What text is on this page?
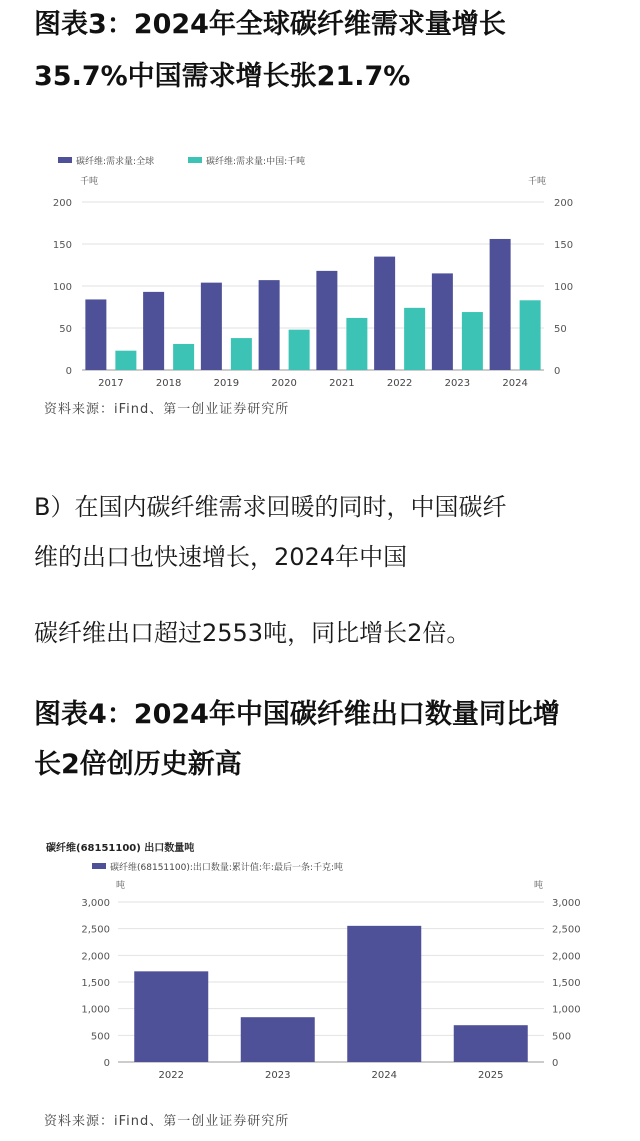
图表3：2024年全球碳纤维需求量增长
35.7%中国需求增长张21.7%
碳纤维:需求量:全球	碳纤维:需求量:中国:千吨
千吨	千吨
0	0
50	50
100	100
150	150
200	200
2017	2018	2019	2020	2021	2022	2023	2024
资料来源：iFind、第一创业证券研究所
B）在国内碳纤维需求回暖的同时，中国碳纤
维的出口也快速增长，2024年中国
碳纤维出口超过2553吨，同比增长2倍。
图表4：2024年中国碳纤维出口数量同比增
长2倍创历史新高
碳纤维(68151100) 出口数量吨
碳纤维(68151100):出口数量:累计值:年:最后一条:千克:吨
吨	吨
0	0
500	500
1,000	1,000
1,500	1,500
2,000	2,000
2,500	2,500
3,000	3,000
2022	2023	2024	2025
资料来源：iFind、第一创业证券研究所
